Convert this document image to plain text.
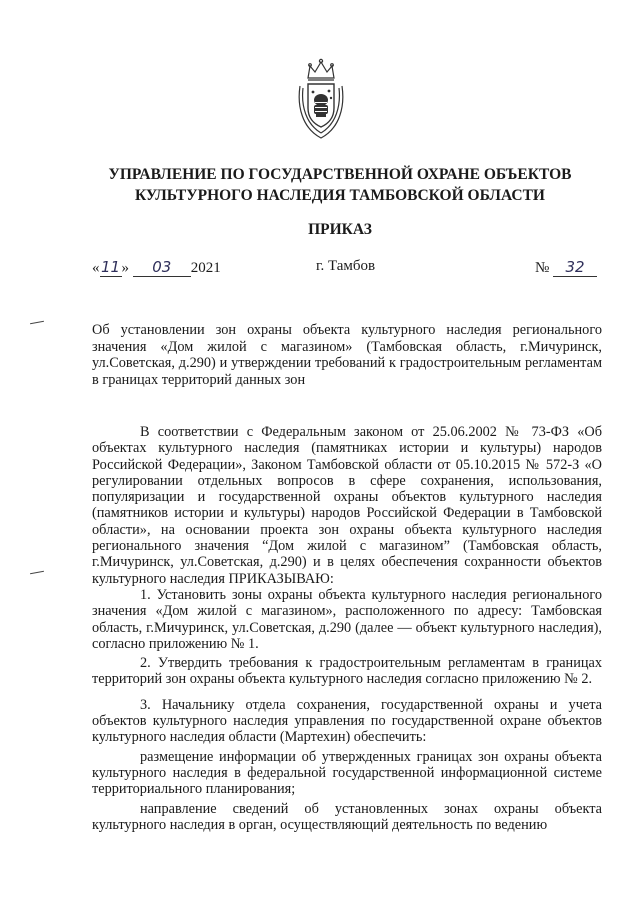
УПРАВЛЕНИЕ ПО ГОСУДАРСТВЕННОЙ ОХРАНЕ ОБЪЕКТОВ
КУЛЬТУРНОГО НАСЛЕДИЯ ТАМБОВСКОЙ ОБЛАСТИ
ПРИКАЗ
«11» 03 2021	г. Тамбов	№ 32
Об установлении зон охраны объекта культурного наследия регионального значения «Дом жилой с магазином» (Тамбовская область, г.Мичуринск, ул.Советская, д.290) и утверждении требований к градостроительным регламентам в границах территорий данных зон

В соответствии с Федеральным законом от 25.06.2002 № 73-ФЗ «Об объектах культурного наследия (памятниках истории и культуры) народов Российской Федерации», Законом Тамбовской области от 05.10.2015 № 572-З «О регулировании отдельных вопросов в сфере сохранения, использования, популяризации и государственной охраны объектов культурного наследия (памятников истории и культуры) народов Российской Федерации в Тамбовской области», на основании проекта зон охраны объекта культурного наследия регионального значения “Дом жилой с магазином” (Тамбовская область, г.Мичуринск, ул.Советская, д.290) и в целях обеспечения сохранности объектов культурного наследия ПРИКАЗЫВАЮ:

1. Установить зоны охраны объекта культурного наследия регионального значения «Дом жилой с магазином», расположенного по адресу: Тамбовская область, г.Мичуринск, ул.Советская, д.290 (далее — объект культурного наследия), согласно приложению № 1.

2. Утвердить требования к градостроительным регламентам в границах территорий зон охраны объекта культурного наследия согласно приложению № 2.

3. Начальнику отдела сохранения, государственной охраны и учета объектов культурного наследия управления по государственной охране объектов культурного наследия области (Мартехин) обеспечить:

размещение информации об утвержденных границах зон охраны объекта культурного наследия в федеральной государственной информационной системе территориального планирования;

направление сведений об установленных зонах охраны объекта культурного наследия в орган, осуществляющий деятельность по ведению
